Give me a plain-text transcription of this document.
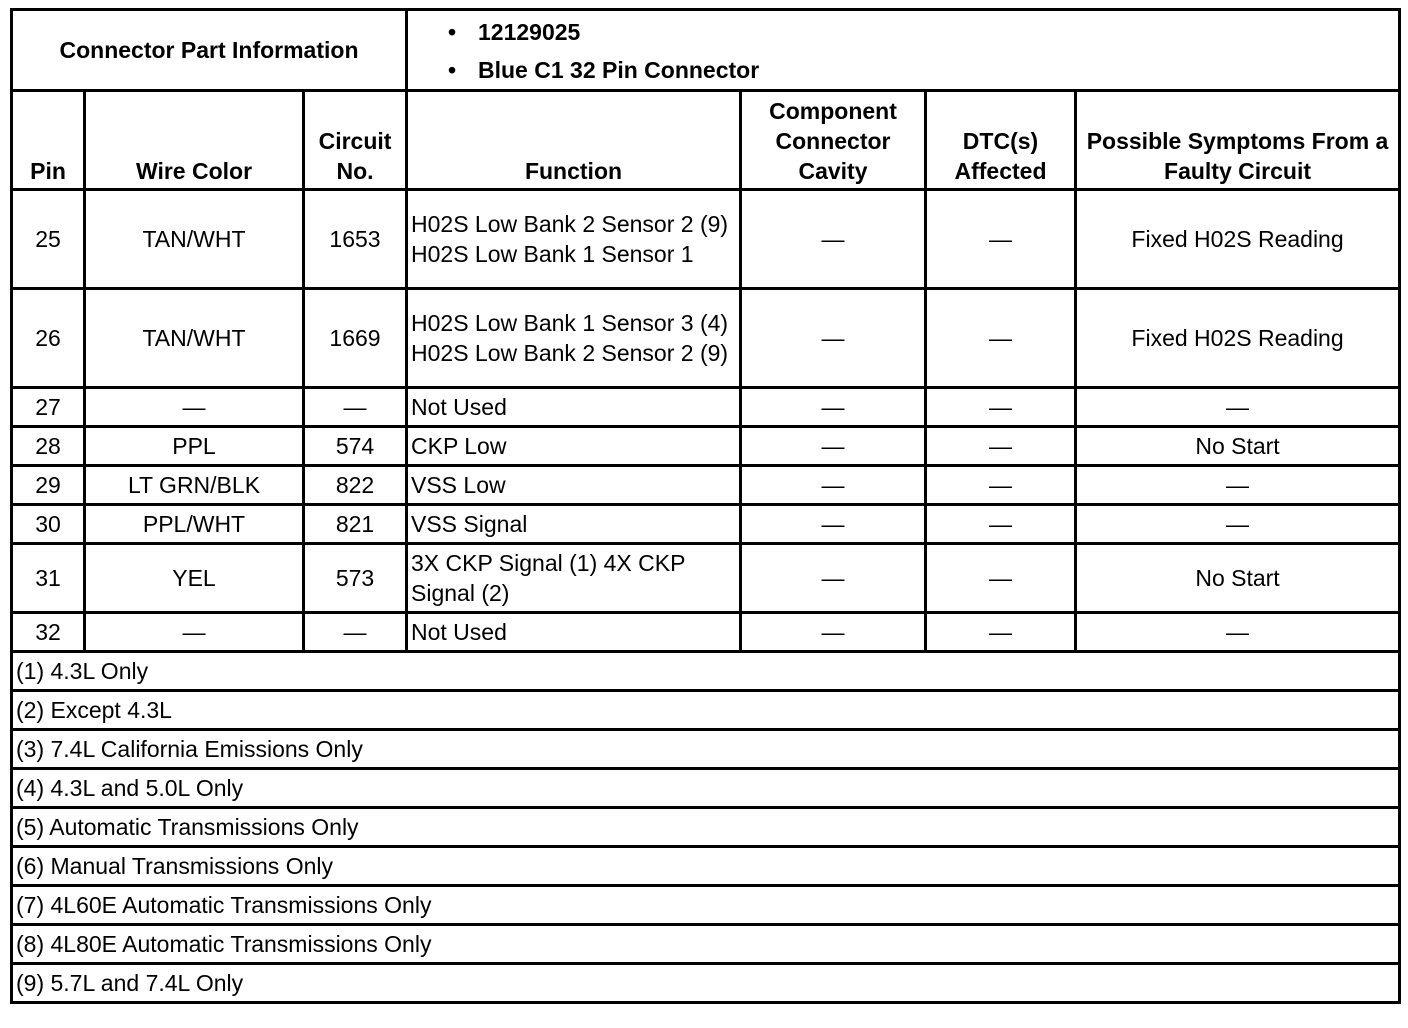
Connector Part Information			• 12129025
• Blue C1 32 Pin Connector

Pin	Wire Color	Circuit No.	Function	Component Connector Cavity	DTC(s) Affected	Possible Symptoms From a Faulty Circuit
25	TAN/WHT	1653	H02S Low Bank 2 Sensor 2 (9) H02S Low Bank 1 Sensor 1	—	—	Fixed H02S Reading
26	TAN/WHT	1669	H02S Low Bank 1 Sensor 3 (4) H02S Low Bank 2 Sensor 2 (9)	—	—	Fixed H02S Reading
27	—	—	Not Used	—	—	—
28	PPL	574	CKP Low	—	—	No Start
29	LT GRN/BLK	822	VSS Low	—	—	—
30	PPL/WHT	821	VSS Signal	—	—	—
31	YEL	573	3X CKP Signal (1) 4X CKP Signal (2)	—	—	No Start
32	—	—	Not Used	—	—	—
(1) 4.3L Only						
(2) Except 4.3L						
(3) 7.4L California Emissions Only						
(4) 4.3L and 5.0L Only						
(5) Automatic Transmissions Only						
(6) Manual Transmissions Only						
(7) 4L60E Automatic Transmissions Only						
(8) 4L80E Automatic Transmissions Only						
(9) 5.7L and 7.4L Only						
